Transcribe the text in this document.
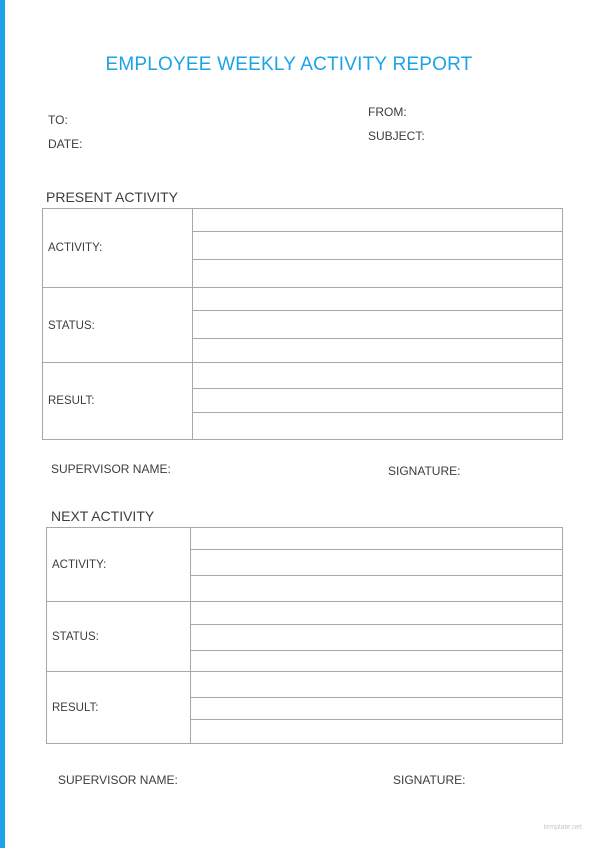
EMPLOYEE WEEKLY ACTIVITY REPORT
TO:
DATE:
FROM:
SUBJECT:
PRESENT ACTIVITY
ACTIVITY:
STATUS:
RESULT:
SUPERVISOR NAME:	SIGNATURE:
NEXT ACTIVITY
ACTIVITY:
STATUS:
RESULT:
SUPERVISOR NAME:	SIGNATURE:
template.net
